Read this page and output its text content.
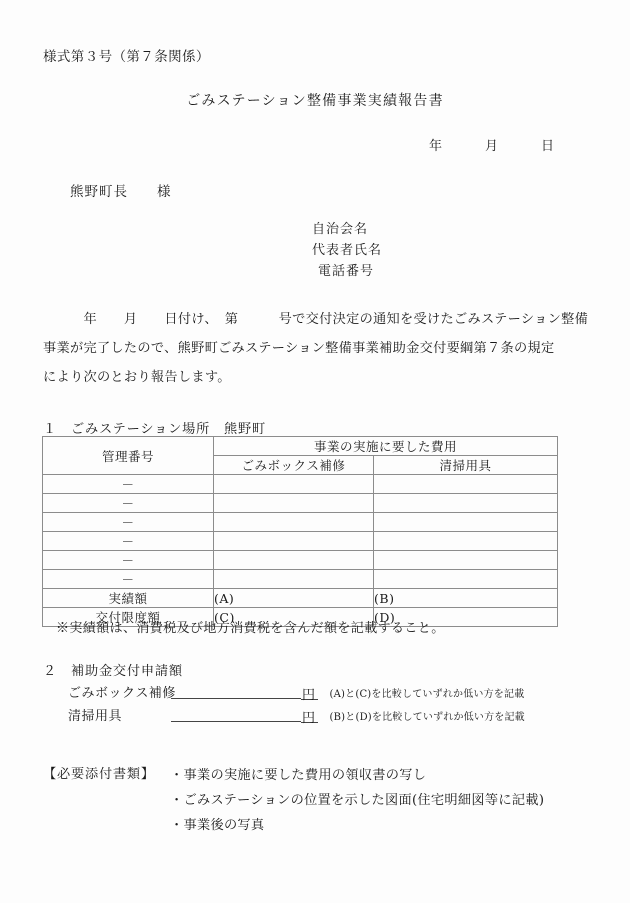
様式第３号（第７条関係）
ごみステーション整備事業実績報告書
年　　　月　　　日
熊野町長　　様
自治会名
代表者氏名
電話番号
　　　年　　月　　日付け、　第　　　号で交付決定の通知を受けたごみステーション整備
事業が完了したので、熊野町ごみステーション整備事業補助金交付要綱第７条の規定
により次のとおり報告します。
１　ごみステーション場所　熊野町
管理番号	事業の実施に要した費用	
	ごみボックス補修	清掃用具
－		
－		
－		
－		
－		
－		
実績額	(A)	(B)
交付限度額	(C)	(D)
※実績額は、消費税及び地方消費税を含んだ額を記載すること。
２　補助金交付申請額
ごみボックス補修	円 (A)と(C)を比較していずれか低い方を記載
清掃用具	円 (B)と(D)を比較していずれか低い方を記載
【必要添付書類】 ・事業の実施に要した費用の領収書の写し
・ごみステーションの位置を示した図面(住宅明細図等に記載)
・事業後の写真
